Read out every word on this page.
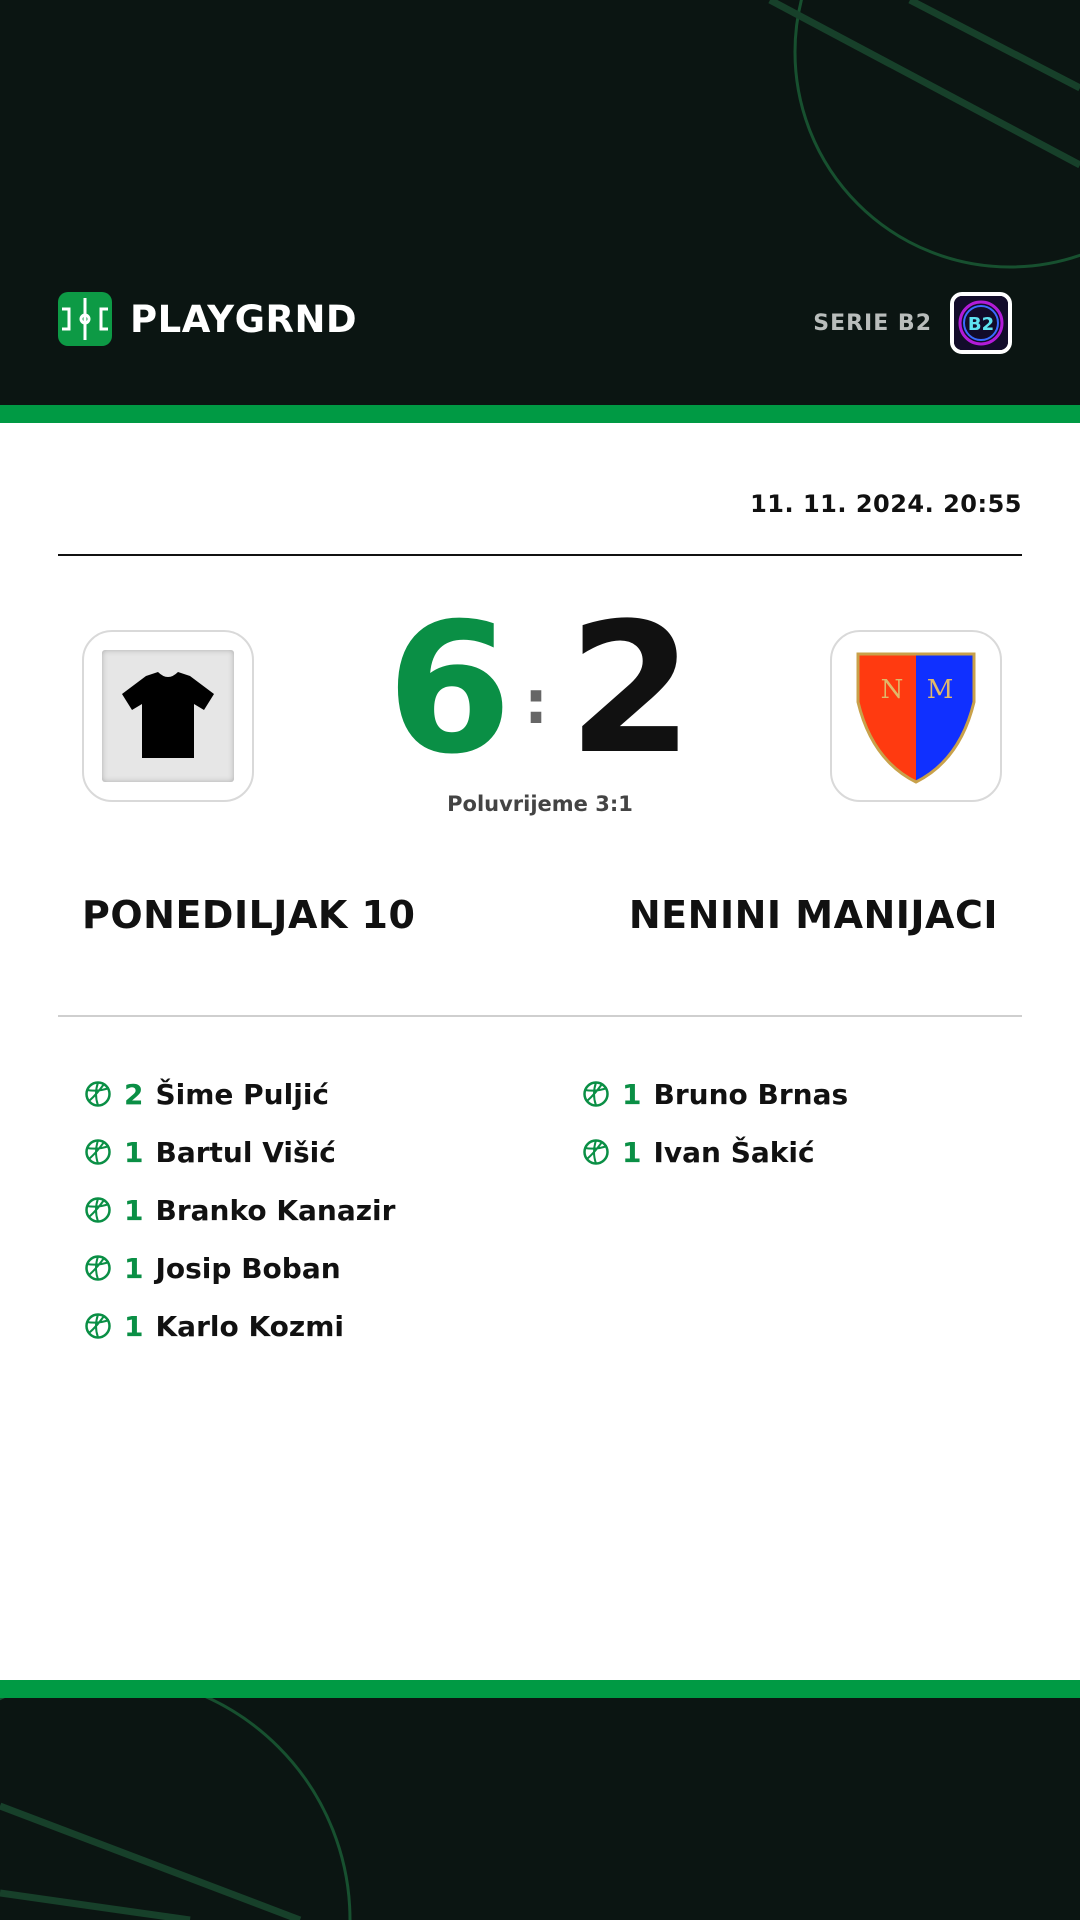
PLAYGRND	SERIE B2 B2
11. 11. 2024. 20:55
N M
6 : 2
Poluvrijeme 3:1
PONEDILJAK 10	NENINI MANIJACI
2 Šime Puljić
1 Bartul Višić
1 Branko Kanazir
1 Josip Boban
1 Karlo Kozmi
1 Bruno Brnas
1 Ivan Šakić
